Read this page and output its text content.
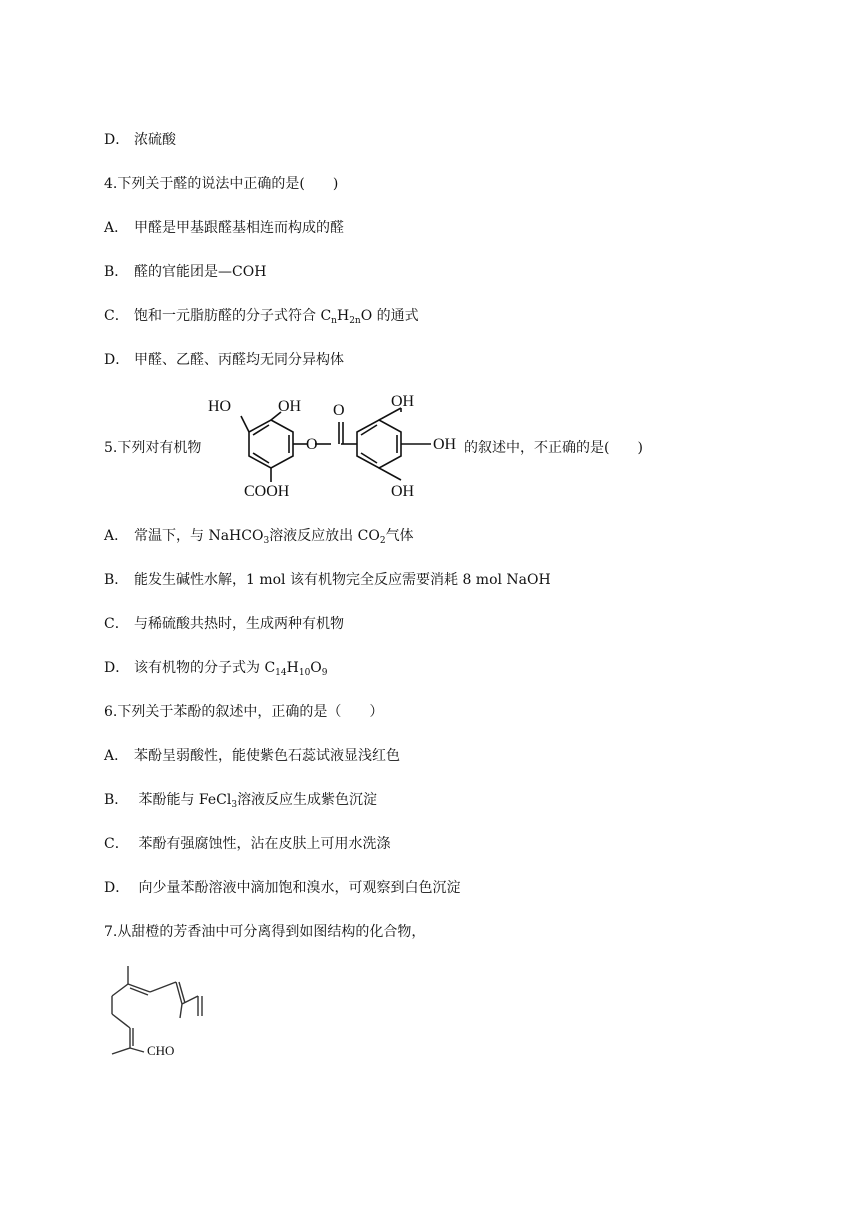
D． 浓硫酸
4.下列关于醛的说法中正确的是(　　)
A． 甲醛是甲基跟醛基相连而构成的醛
B． 醛的官能团是—COH
C． 饱和一元脂肪醛的分子式符合 $C_nH_{2n}O$ 的通式
D． 甲醛、乙醛、丙醛均无同分异构体
5.下列对有机物	的叙述中，不正确的是(　　)
HO	OH O
O
OH
OH
OH
COOH
A． 常温下，与 NaHCO$_3$溶液反应放出 $CO_2$气体
B． 能发生碱性水解，1 mol 该有机物完全反应需要消耗 8 mol NaOH
C． 与稀硫酸共热时，生成两种有机物
D． 该有机物的分子式为 $C_{14}H_{10}O_9$
6.下列关于苯酚的叙述中，正确的是（　　）
A． 苯酚呈弱酸性，能使紫色石蕊试液显浅红色
B． 苯酚能与 FeCl$_3$溶液反应生成紫色沉淀
C． 苯酚有强腐蚀性，沾在皮肤上可用水洗涤
D． 向少量苯酚溶液中滴加饱和溴水，可观察到白色沉淀
7.从甜橙的芳香油中可分离得到如图结构的化合物，
CHO
